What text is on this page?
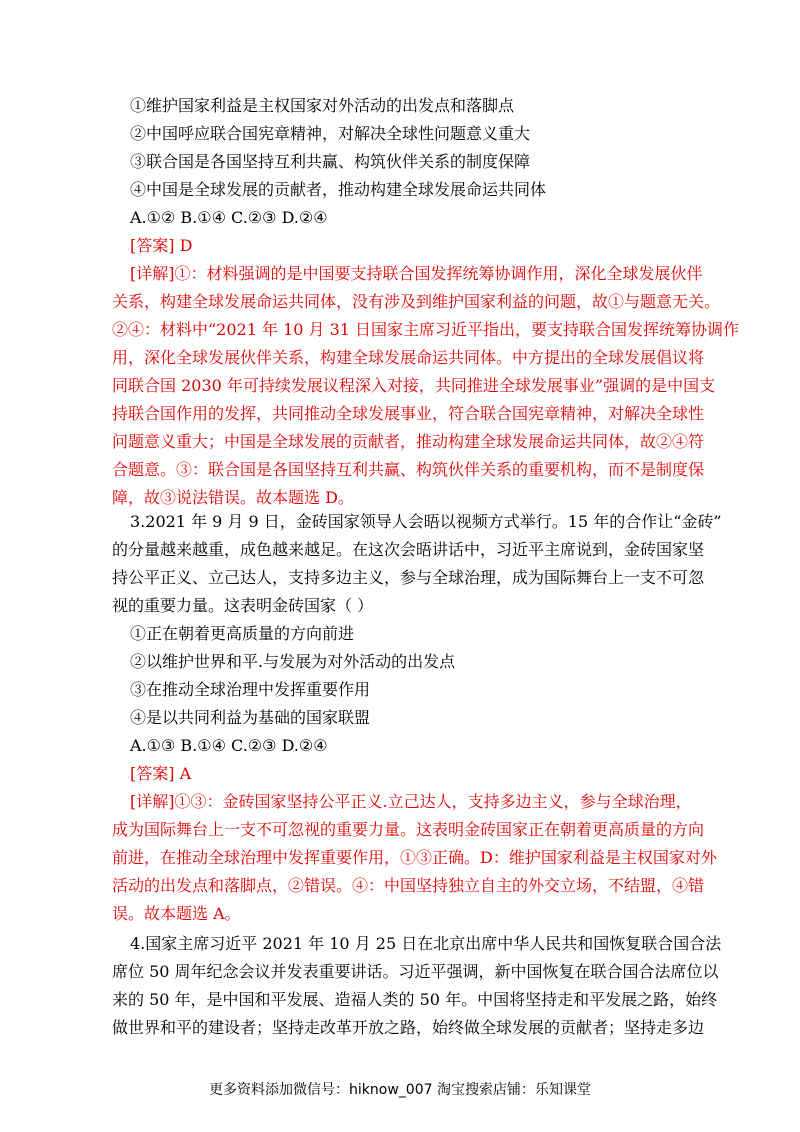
①维护国家利益是主权国家对外活动的出发点和落脚点
②中国呼应联合国宪章精神，对解决全球性问题意义重大
③联合国是各国坚持互利共赢、构筑伙伴关系的制度保障
④中国是全球发展的贡献者，推动构建全球发展命运共同体
A.①② B.①④ C.②③ D.②④
[答案] D
[详解]①：材料强调的是中国要支持联合国发挥统筹协调作用，深化全球发展伙伴
关系，构建全球发展命运共同体，没有涉及到维护国家利益的问题，故①与题意无关。
②④：材料中“2021 年 10 月 31 日国家主席习近平指出，要支持联合国发挥统筹协调作
用，深化全球发展伙伴关系，构建全球发展命运共同体。中方提出的全球发展倡议将
同联合国 2030 年可持续发展议程深入对接，共同推进全球发展事业”强调的是中国支
持联合国作用的发挥，共同推动全球发展事业，符合联合国宪章精神，对解决全球性
问题意义重大；中国是全球发展的贡献者，推动构建全球发展命运共同体，故②④符
合题意。③：联合国是各国坚持互利共赢、构筑伙伴关系的重要机构，而不是制度保
障，故③说法错误。故本题选 D。
3.2021 年 9 月 9 日，金砖国家领导人会晤以视频方式举行。15 年的合作让“金砖”
的分量越来越重，成色越来越足。在这次会晤讲话中，习近平主席说到，金砖国家坚
持公平正义、立己达人，支持多边主义，参与全球治理，成为国际舞台上一支不可忽
视的重要力量。这表明金砖国家（ ）
①正在朝着更高质量的方向前进
②以维护世界和平.与发展为对外活动的出发点
③在推动全球治理中发挥重要作用
④是以共同利益为基础的国家联盟
A.①③ B.①④ C.②③ D.②④
[答案] A
[详解]①③：金砖国家坚持公平正义.立己达人，支持多边主义，参与全球治理，
成为国际舞台上一支不可忽视的重要力量。这表明金砖国家正在朝着更高质量的方向
前进，在推动全球治理中发挥重要作用，①③正确。D：维护国家利益是主权国家对外
活动的出发点和落脚点，②错误。④：中国坚持独立自主的外交立场，不结盟，④错
误。故本题选 A。
4.国家主席习近平 2021 年 10 月 25 日在北京出席中华人民共和国恢复联合国合法
席位 50 周年纪念会议并发表重要讲话。习近平强调，新中国恢复在联合国合法席位以
来的 50 年，是中国和平发展、造福人类的 50 年。中国将坚持走和平发展之路，始终
做世界和平的建设者；坚持走改革开放之路，始终做全球发展的贡献者；坚持走多边
更多资料添加微信号：hiknow_007 淘宝搜索店铺：乐知课堂
